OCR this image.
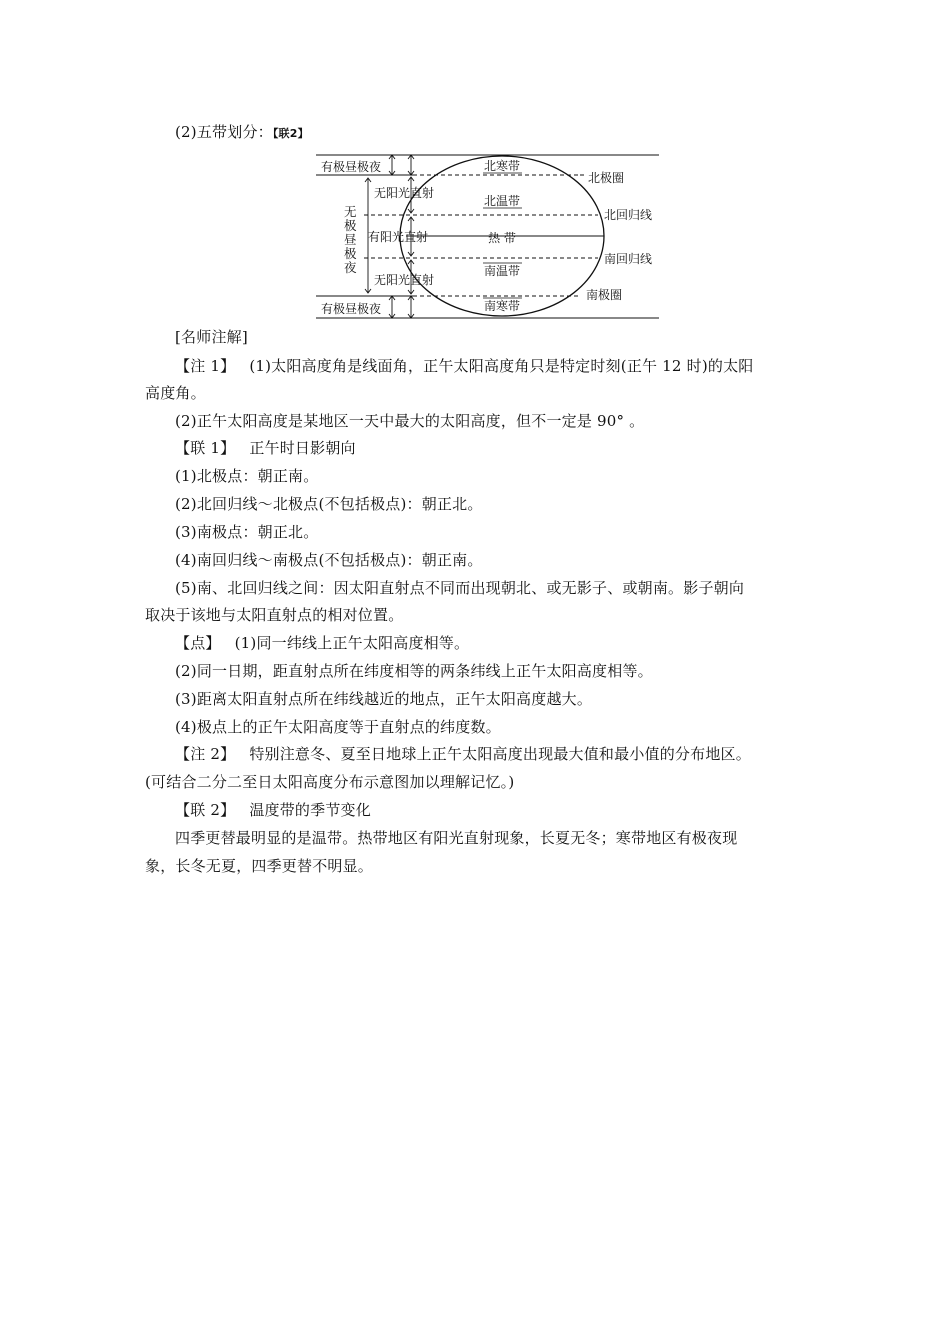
(2)五带划分：【联2】
有极昼极夜
无阳光直射
有阳光直射
无阳光直射
有极昼极夜
无
极
昼
极
夜
北寒带
北温带
热 带
南温带
南寒带
北极圈
北回归线
南回归线
南极圈
[名师注解]
【注 1】 (1)太阳高度角是线面角，正午太阳高度角只是特定时刻(正午 12 时)的太阳
高度角。
(2)正午太阳高度是某地区一天中最大的太阳高度，但不一定是 90° 。
【联 1】 正午时日影朝向
(1)北极点：朝正南。
(2)北回归线～北极点(不包括极点)：朝正北。
(3)南极点：朝正北。
(4)南回归线～南极点(不包括极点)：朝正南。
(5)南、北回归线之间：因太阳直射点不同而出现朝北、或无影子、或朝南。影子朝向
取决于该地与太阳直射点的相对位置。
【点】 (1)同一纬线上正午太阳高度相等。
(2)同一日期，距直射点所在纬度相等的两条纬线上正午太阳高度相等。
(3)距离太阳直射点所在纬线越近的地点，正午太阳高度越大。
(4)极点上的正午太阳高度等于直射点的纬度数。
【注 2】 特别注意冬、夏至日地球上正午太阳高度出现最大值和最小值的分布地区。
(可结合二分二至日太阳高度分布示意图加以理解记忆。)
【联 2】 温度带的季节变化
四季更替最明显的是温带。热带地区有阳光直射现象，长夏无冬；寒带地区有极夜现
象，长冬无夏，四季更替不明显。
